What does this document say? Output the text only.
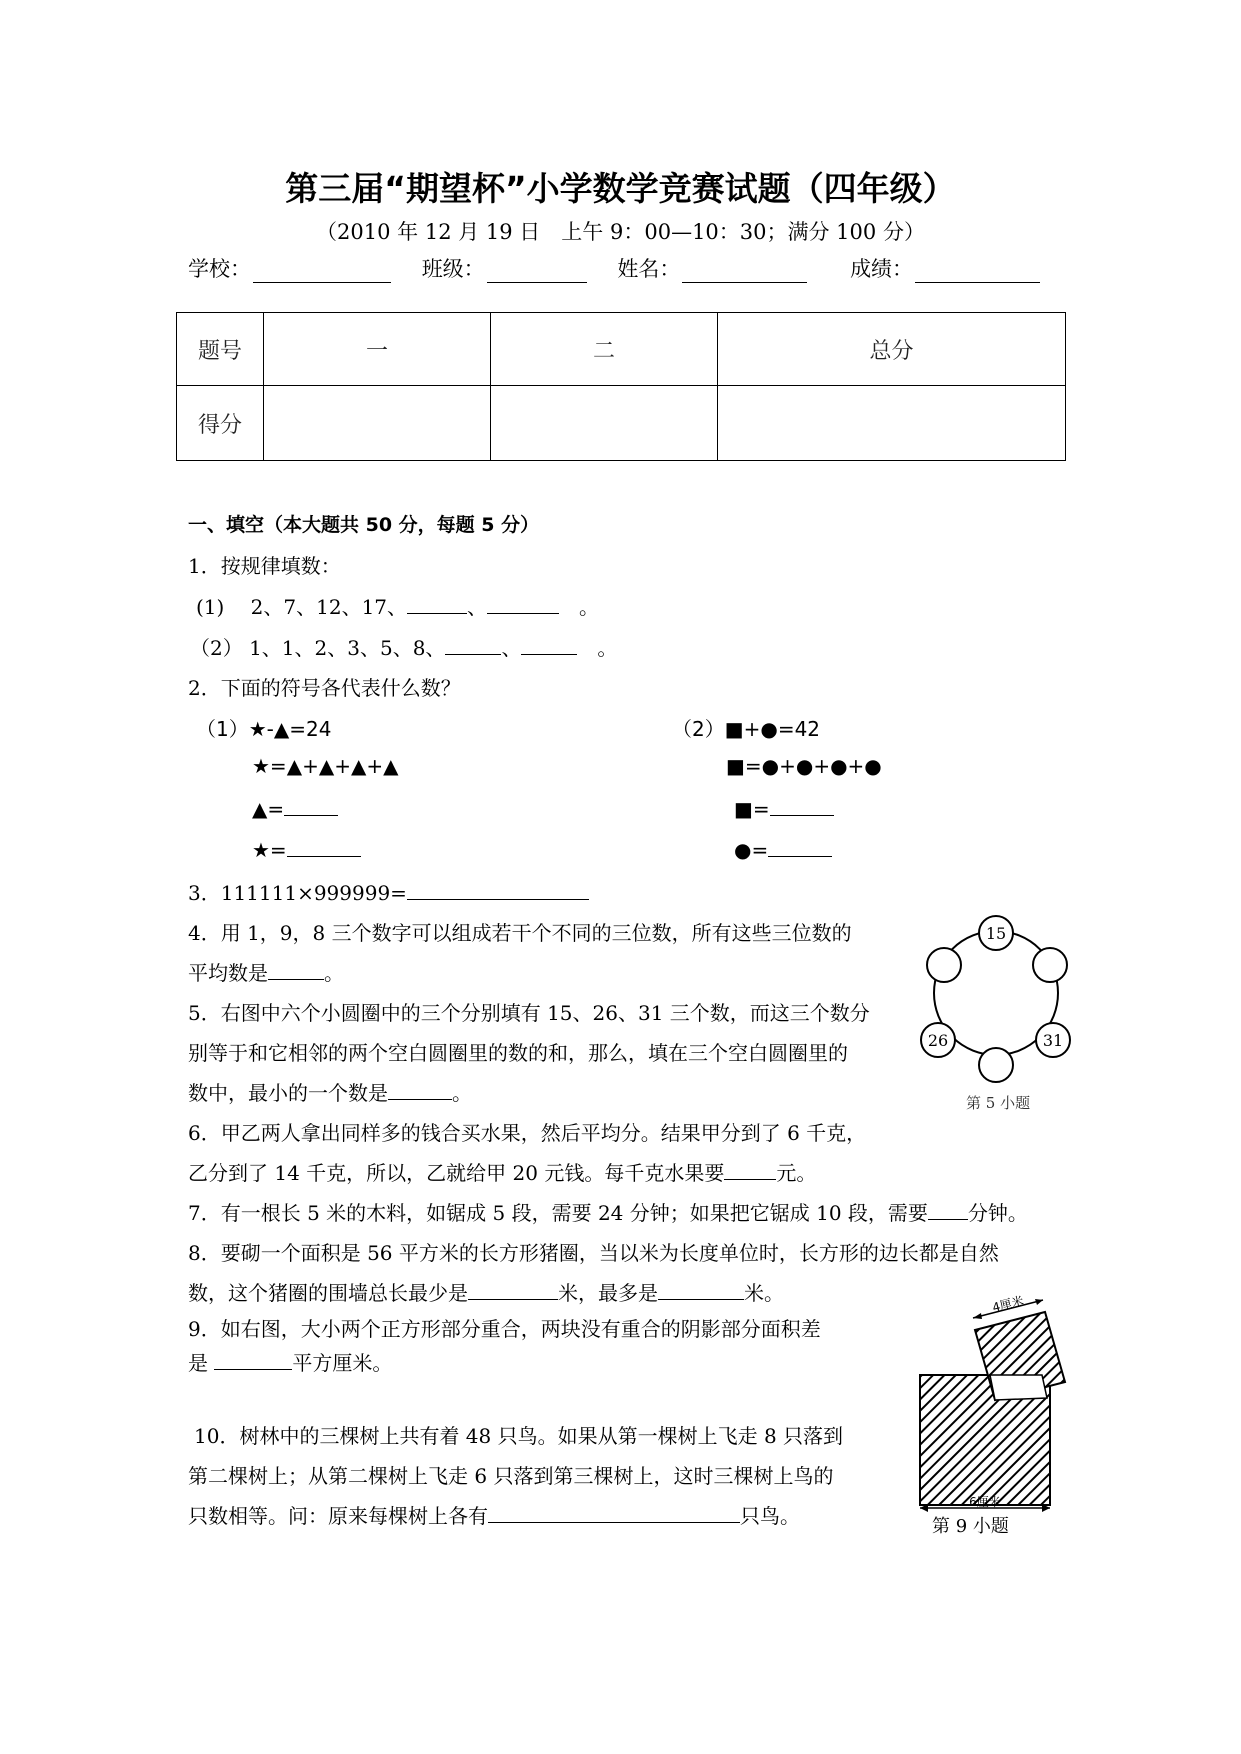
第三届“期望杯”小学数学竞赛试题（四年级）
（2010 年 12 月 19 日　上午 9：00—10：30；满分 100 分）
学校：	班级：	姓名：	成绩：
题号	一	二	总分
得分			
一、填空（本大题共 50 分，每题 5 分）
1．按规律填数：
(1)　 2、7、12、17、	、	　。
（2） 1、1、2、3、5、8、	、	　。
2．下面的符号各代表什么数？
（1）★-▲=24
★=▲+▲+▲+▲
▲=
★=
（2）■+●=42
■=●+●+●+●
■=
●=
3．111111×999999=
4．用 1，9，8 三个数字可以组成若干个不同的三位数，所有这些三位数的
平均数是	。
5．右图中六个小圆圈中的三个分别填有 15、26、31 三个数，而这三个数分
别等于和它相邻的两个空白圆圈里的数的和，那么，填在三个空白圆圈里的
数中，最小的一个数是	。
15
26	31
第 5 小题
6．甲乙两人拿出同样多的钱合买水果，然后平均分。结果甲分到了 6 千克，
乙分到了 14 千克，所以，乙就给甲 20 元钱。每千克水果要	元。
7．有一根长 5 米的木料，如锯成 5 段，需要 24 分钟；如果把它锯成 10 段，需要 分钟。
8．要砌一个面积是 56 平方米的长方形猪圈，当以米为长度单位时，长方形的边长都是自然
数，这个猪圈的围墙总长最少是	米，最多是	米。
9．如右图，大小两个正方形部分重合，两块没有重合的阴影部分面积差
是	平方厘米。
4厘米
6厘米
第 9 小题
10．树林中的三棵树上共有着 48 只鸟。如果从第一棵树上飞走 8 只落到
第二棵树上；从第二棵树上飞走 6 只落到第三棵树上，这时三棵树上鸟的
只数相等。问：原来每棵树上各有	只鸟。
